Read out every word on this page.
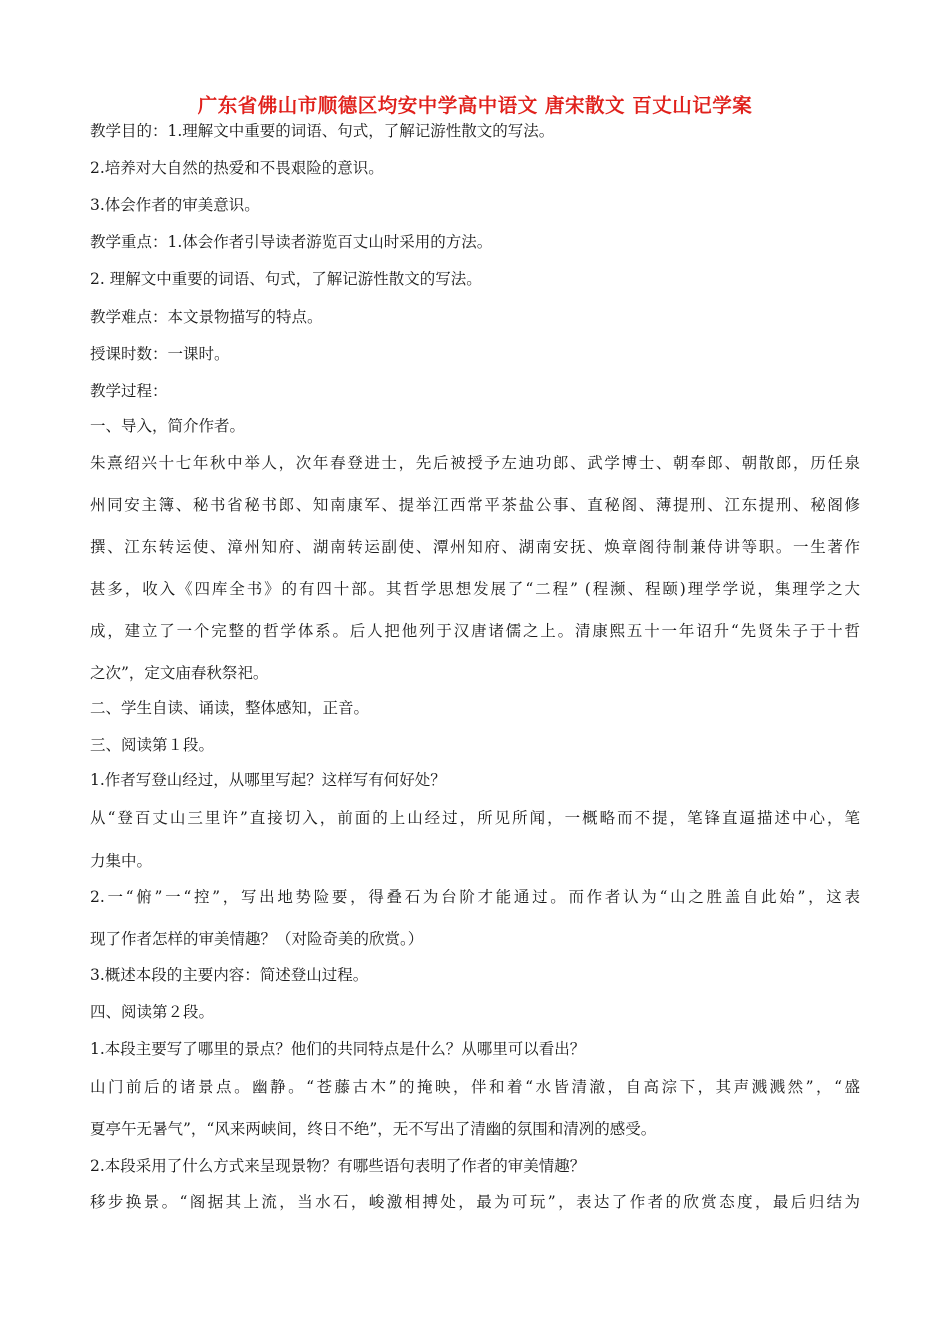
广东省佛山市顺德区均安中学高中语文 唐宋散文 百丈山记学案
教学目的：1.理解文中重要的词语、句式，了解记游性散文的写法。
2.培养对大自然的热爱和不畏艰险的意识。
3.体会作者的审美意识。
教学重点：1.体会作者引导读者游览百丈山时采用的方法。
2. 理解文中重要的词语、句式，了解记游性散文的写法。
教学难点：本文景物描写的特点。
授课时数：一课时。
教学过程：
一、导入，简介作者。
朱熹绍兴十七年秋中举人，次年春登进士，先后被授予左迪功郎、武学博士、朝奉郎、朝散郎，历任泉
州同安主簿、秘书省秘书郎、知南康军、提举江西常平茶盐公事、直秘阁、薄提刑、江东提刑、秘阁修
撰、江东转运使、漳州知府、湖南转运副使、潭州知府、湖南安抚、焕章阁待制兼侍讲等职。一生著作
甚多，收入《四库全书》的有四十部。其哲学思想发展了“二程” (程濒、程颐)理学学说，集理学之大
成，建立了一个完整的哲学体系。后人把他列于汉唐诸儒之上。清康熙五十一年诏升“先贤朱子于十哲
之次”，定文庙春秋祭祀。
二、学生自读、诵读，整体感知，正音。
三、阅读第１段。
1.作者写登山经过，从哪里写起？这样写有何好处？
从“登百丈山三里许”直接切入，前面的上山经过，所见所闻，一概略而不提，笔锋直逼描述中心，笔
力集中。
2.一“俯”一“控”，写出地势险要，得叠石为台阶才能通过。而作者认为“山之胜盖自此始”，这表
现了作者怎样的审美情趣？（对险奇美的欣赏。）
3.概述本段的主要内容：简述登山过程。
四、阅读第２段。
1.本段主要写了哪里的景点？他们的共同特点是什么？从哪里可以看出？
山门前后的诸景点。幽静。“苍藤古木”的掩映，伴和着“水皆清澈，自高淙下，其声溅溅然”，“盛
夏亭午无暑气”，“风来两峡间，终日不绝”，无不写出了清幽的氛围和清冽的感受。
2.本段采用了什么方式来呈现景物？有哪些语句表明了作者的审美情趣？
移步换景。“阁据其上流，当水石，峻激相搏处，最为可玩”，表达了作者的欣赏态度，最后归结为
